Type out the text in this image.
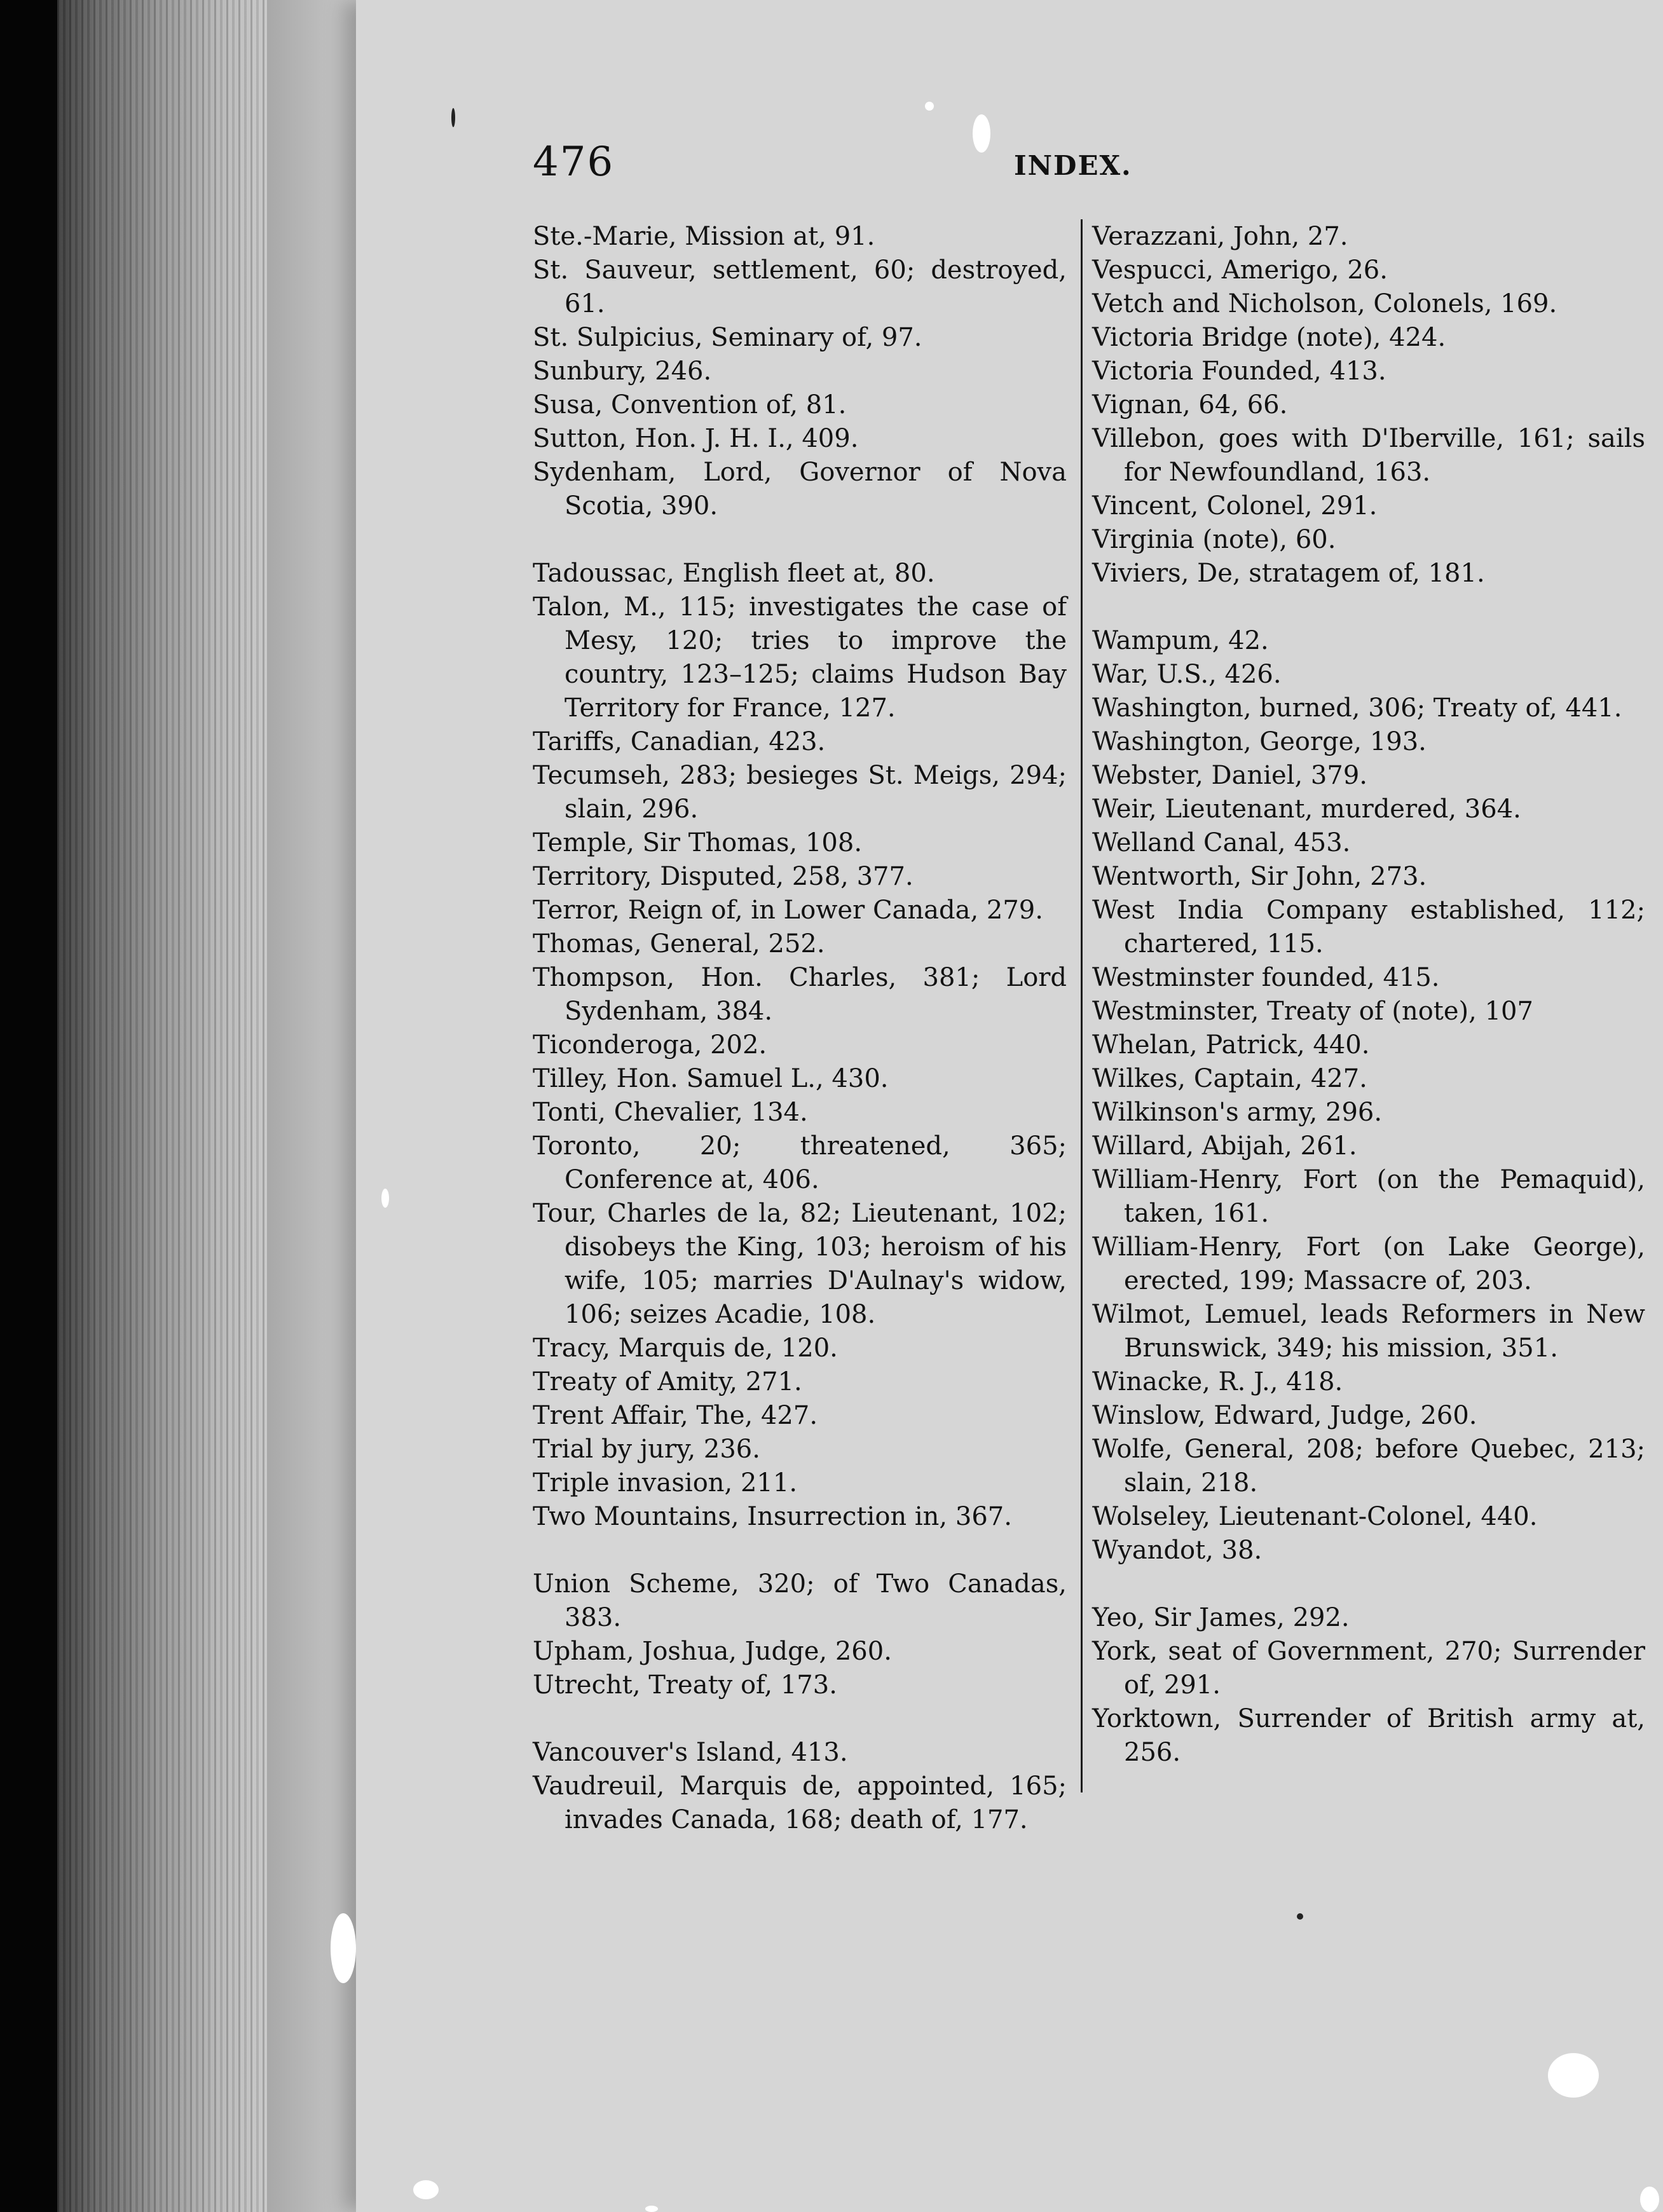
476	INDEX.
Ste.-Marie, Mission at, 91.
St. Sauveur, settlement, 60; destroyed, 61.
St. Sulpicius, Seminary of, 97.
Sunbury, 246.
Susa, Convention of, 81.
Sutton, Hon. J. H. I., 409.
Sydenham, Lord, Governor of Nova Scotia, 390.
Tadoussac, English fleet at, 80.
Talon, M., 115; investigates the case of Mesy, 120; tries to improve the country, 123–125; claims Hudson Bay Territory for France, 127.
Tariffs, Canadian, 423.
Tecumseh, 283; besieges St. Meigs, 294; slain, 296.
Temple, Sir Thomas, 108.
Territory, Disputed, 258, 377.
Terror, Reign of, in Lower Canada, 279.
Thomas, General, 252.
Thompson, Hon. Charles, 381; Lord Sydenham, 384.
Ticonderoga, 202.
Tilley, Hon. Samuel L., 430.
Tonti, Chevalier, 134.
Toronto, 20; threatened, 365; Conference at, 406.
Tour, Charles de la, 82; Lieutenant, 102; disobeys the King, 103; heroism of his wife, 105; marries D'Aulnay's widow, 106; seizes Acadie, 108.
Tracy, Marquis de, 120.
Treaty of Amity, 271.
Trent Affair, The, 427.
Trial by jury, 236.
Triple invasion, 211.
Two Mountains, Insurrection in, 367.
Union Scheme, 320; of Two Canadas, 383.
Upham, Joshua, Judge, 260.
Utrecht, Treaty of, 173.
Vancouver's Island, 413.
Vaudreuil, Marquis de, appointed, 165; invades Canada, 168; death of, 177.
Verazzani, John, 27.
Vespucci, Amerigo, 26.
Vetch and Nicholson, Colonels, 169.
Victoria Bridge (note), 424.
Victoria Founded, 413.
Vignan, 64, 66.
Villebon, goes with D'Iberville, 161; sails for Newfoundland, 163.
Vincent, Colonel, 291.
Virginia (note), 60.
Viviers, De, stratagem of, 181.
Wampum, 42.
War, U.S., 426.
Washington, burned, 306; Treaty of, 441.
Washington, George, 193.
Webster, Daniel, 379.
Weir, Lieutenant, murdered, 364.
Welland Canal, 453.
Wentworth, Sir John, 273.
West India Company established, 112; chartered, 115.
Westminster founded, 415.
Westminster, Treaty of (note), 107
Whelan, Patrick, 440.
Wilkes, Captain, 427.
Wilkinson's army, 296.
Willard, Abijah, 261.
William-Henry, Fort (on the Pemaquid), taken, 161.
William-Henry, Fort (on Lake George), erected, 199; Massacre of, 203.
Wilmot, Lemuel, leads Reformers in New Brunswick, 349; his mission, 351.
Winacke, R. J., 418.
Winslow, Edward, Judge, 260.
Wolfe, General, 208; before Quebec, 213; slain, 218.
Wolseley, Lieutenant-Colonel, 440.
Wyandot, 38.
Yeo, Sir James, 292.
York, seat of Government, 270; Surrender of, 291.
Yorktown, Surrender of British army at, 256.
